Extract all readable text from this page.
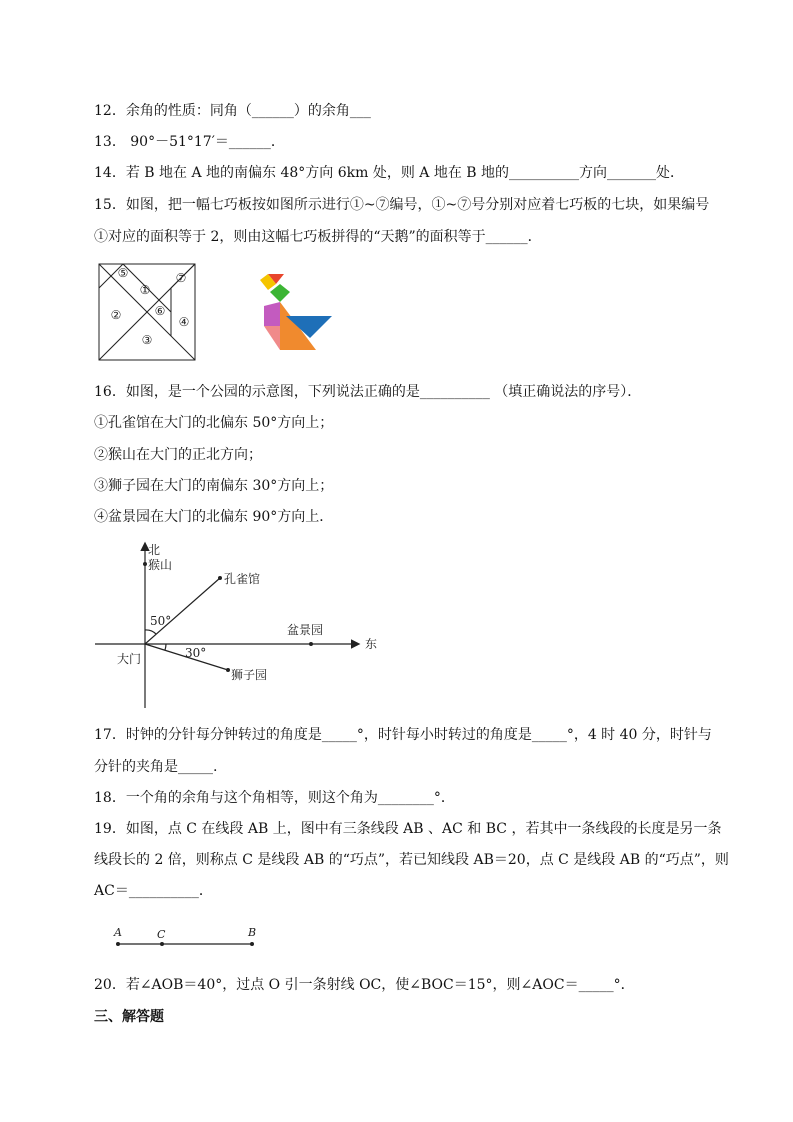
12．余角的性质：同角（______）的余角___
13． 90°－51°17′＝______．
14．若 B 地在 A 地的南偏东 48°方向 6km 处，则 A 地在 B 地的__________方向_______处．
15．如图，把一幅七巧板按如图所示进行①~⑦编号，①~⑦号分别对应着七巧板的七块，如果编号
①对应的面积等于 2，则由这幅七巧板拼得的“天鹅”的面积等于______．
①
②
③
④
⑤
⑥
⑦
16．如图，是一个公园的示意图，下列说法正确的是__________ （填正确说法的序号）．
①孔雀馆在大门的北偏东 50°方向上；
②猴山在大门的正北方向；
③狮子园在大门的南偏东 30°方向上；
④盆景园在大门的北偏东 90°方向上．
北
猴山
孔雀馆
50°
盆景园
东
大门	30°
狮子园
17．时钟的分针每分钟转过的角度是_____°，时针每小时转过的角度是_____°，4 时 40 分，时针与
分针的夹角是_____.
18．一个角的余角与这个角相等，则这个角为________°．
19．如图，点 C 在线段 AB 上，图中有三条线段 AB 、AC 和 BC ，若其中一条线段的长度是另一条
线段长的 2 倍，则称点 C 是线段 AB 的“巧点”，若已知线段 AB＝20，点 C 是线段 AB 的“巧点”，则
AC＝__________．
A	C	B
20．若∠AOB＝40°，过点 O 引一条射线 OC，使∠BOC＝15°，则∠AOC＝_____°．
三、解答题
